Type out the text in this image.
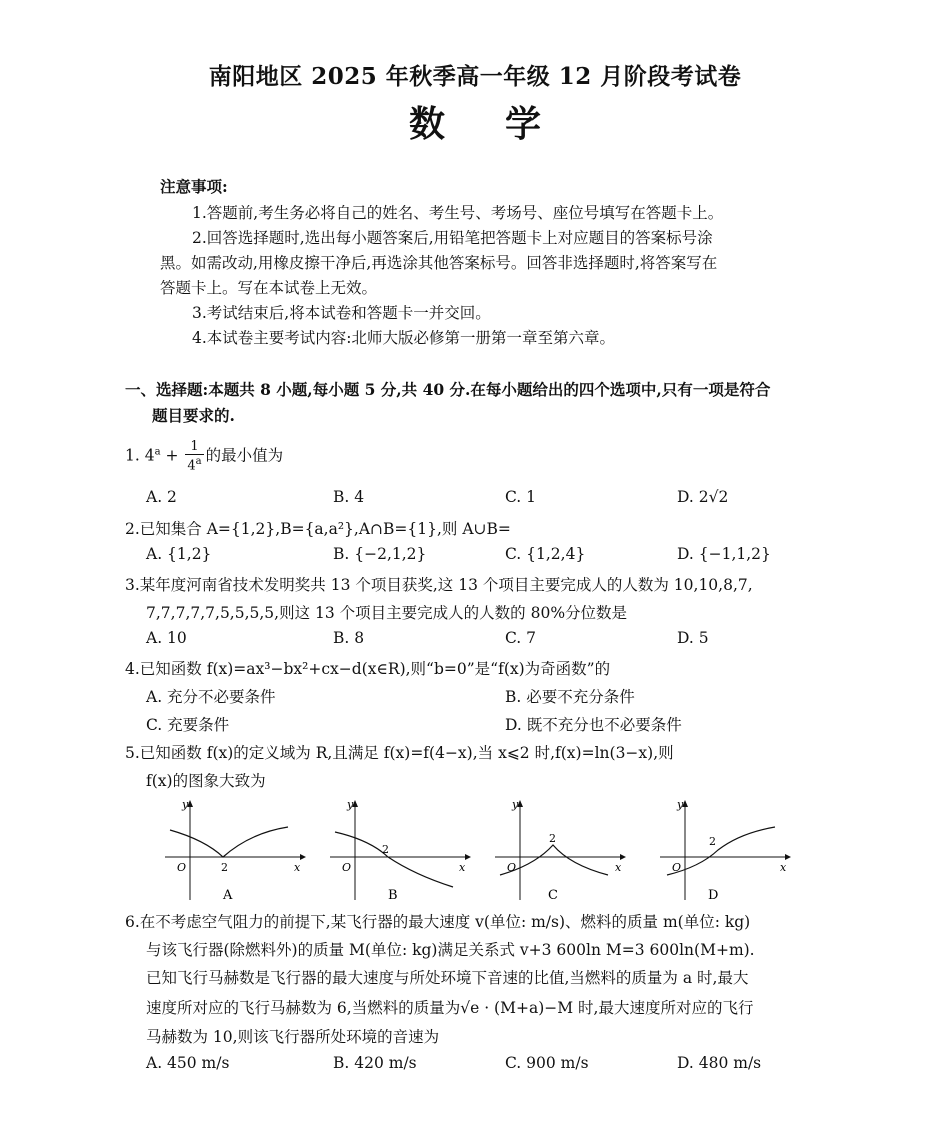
南阳地区 2025 年秋季高一年级 12 月阶段考试卷
数学
注意事项:
1.答题前,考生务必将自己的姓名、考生号、考场号、座位号填写在答题卡上。
2.回答选择题时,选出每小题答案后,用铅笔把答题卡上对应题目的答案标号涂
黑。如需改动,用橡皮擦干净后,再选涂其他答案标号。回答非选择题时,将答案写在
答题卡上。写在本试卷上无效。
3.考试结束后,将本试卷和答题卡一并交回。
4.本试卷主要考试内容:北师大版必修第一册第一章至第六章。
一、选择题:本题共 8 小题,每小题 5 分,共 40 分.在每小题给出的四个选项中,只有一项是符合
题目要求的.
1. $4^a + \frac{1}{4^a}$ 的最小值为
A. 2	B. 4	C. 1	D. 2√2
2.已知集合 A={1,2},B={a,a²},A∩B={1},则 A∪B=
A. {1,2}	B. {−2,1,2}	C. {1,2,4}	D. {−1,1,2}
3.某年度河南省技术发明奖共 13 个项目获奖,这 13 个项目主要完成人的人数为 10,10,8,7,
7,7,7,7,7,5,5,5,5,则这 13 个项目主要完成人的人数的 80%分位数是
A. 10	B. 8	C. 7	D. 5
4.已知函数 f(x)=ax³−bx²+cx−d(x∈R),则“b=0”是“f(x)为奇函数”的
A. 充分不必要条件	B. 必要不充分条件
C. 充要条件	D. 既不充分也不必要条件
5.已知函数 f(x)的定义域为 R,且满足 f(x)=f(4−x),当 x⩽2 时,f(x)=ln(3−x),则
f(x)的图象大致为
y
x
O	2
A
y
x
O
2
B
y
x
O
2
C
y
x
O
2
D
6.在不考虑空气阻力的前提下,某飞行器的最大速度 v(单位: m/s)、燃料的质量 m(单位: kg)
与该飞行器(除燃料外)的质量 M(单位: kg)满足关系式 v+3 600ln M=3 600ln(M+m).
已知飞行马赫数是飞行器的最大速度与所处环境下音速的比值,当燃料的质量为 a 时,最大
速度所对应的飞行马赫数为 6,当燃料的质量为√e · (M+a)−M 时,最大速度所对应的飞行
马赫数为 10,则该飞行器所处环境的音速为
A. 450 m/s	B. 420 m/s	C. 900 m/s	D. 480 m/s
